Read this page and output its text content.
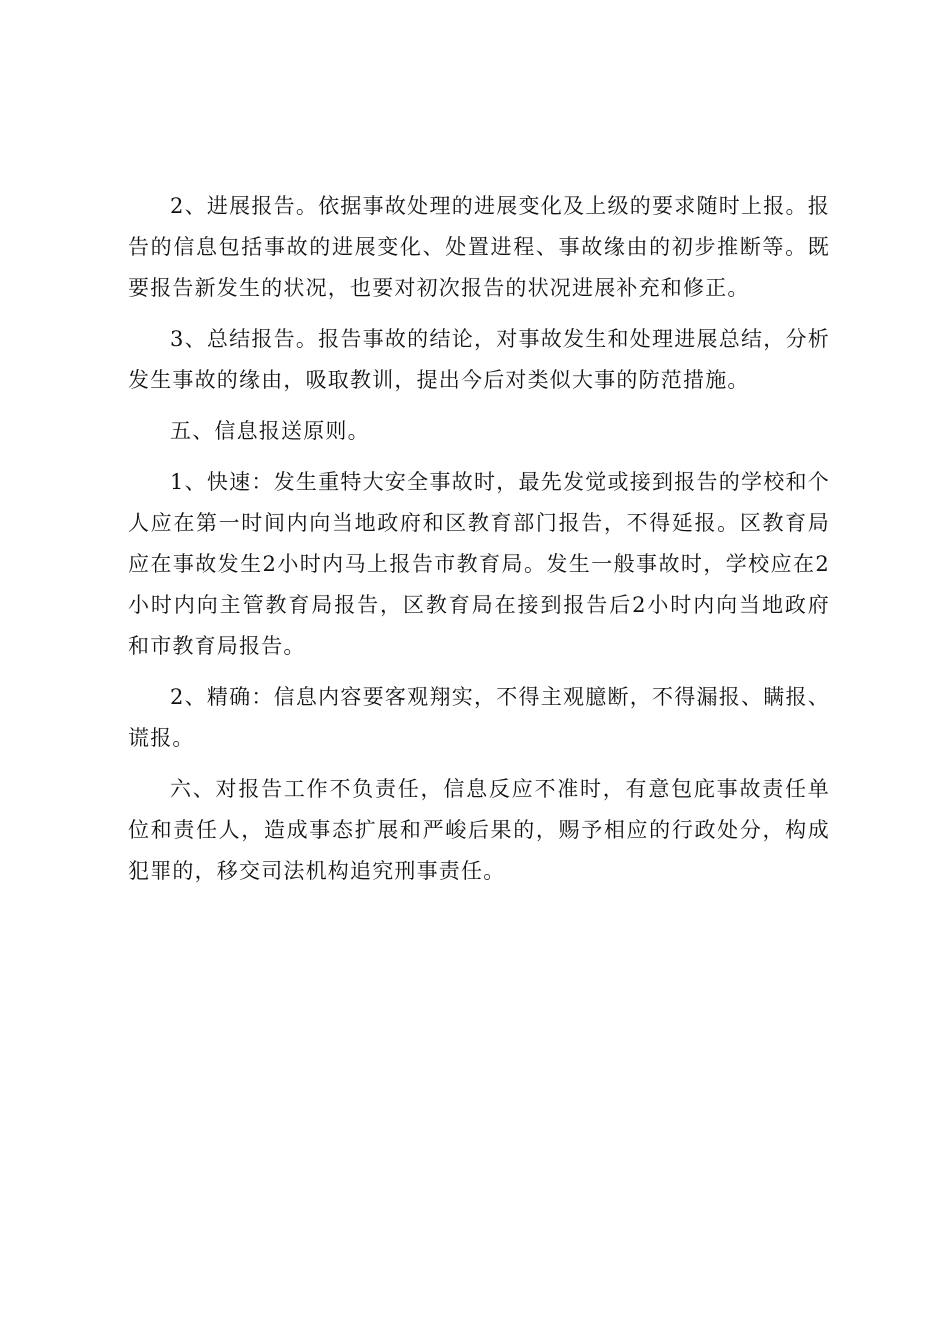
2、进展报告。依据事故处理的进展变化及上级的要求随时上报。报告的信息包括事故的进展变化、处置进程、事故缘由的初步推断等。既要报告新发生的状况，也要对初次报告的状况进展补充和修正。

3、总结报告。报告事故的结论，对事故发生和处理进展总结，分析发生事故的缘由，吸取教训，提出今后对类似大事的防范措施。

五、信息报送原则。

1、快速：发生重特大安全事故时，最先发觉或接到报告的学校和个人应在第一时间内向当地政府和区教育部门报告，不得延报。区教育局应在事故发生2小时内马上报告市教育局。发生一般事故时，学校应在2小时内向主管教育局报告，区教育局在接到报告后2小时内向当地政府和市教育局报告。

2、精确：信息内容要客观翔实，不得主观臆断，不得漏报、瞒报、谎报。

六、对报告工作不负责任，信息反应不准时，有意包庇事故责任单位和责任人，造成事态扩展和严峻后果的，赐予相应的行政处分，构成犯罪的，移交司法机构追究刑事责任。
